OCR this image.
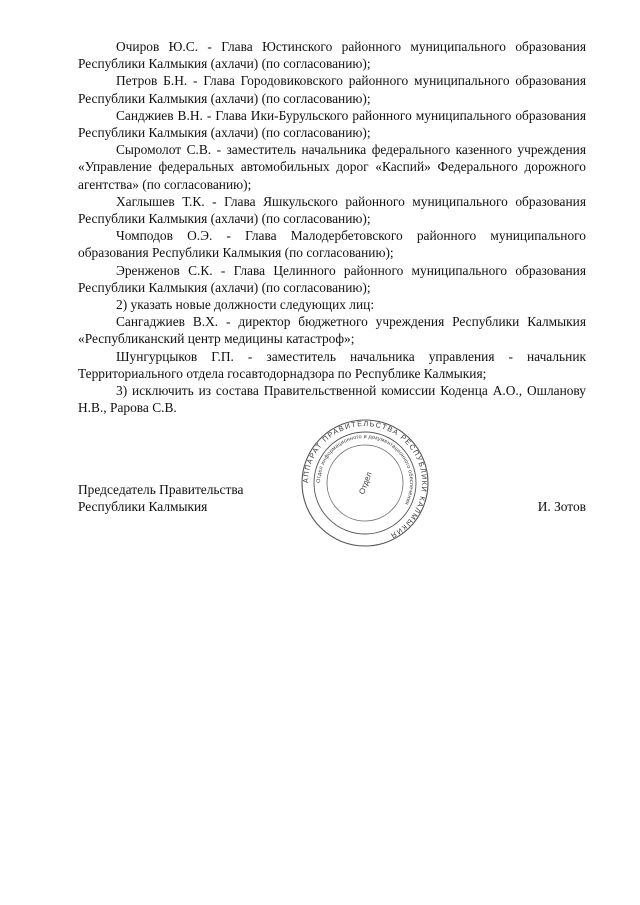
Очиров Ю.С. - Глава Юстинского районного муниципального образования Республики Калмыкия (ахлачи) (по согласованию);

Петров Б.Н. - Глава Городовиковского районного муниципального образования Республики Калмыкия (ахлачи) (по согласованию);

Санджиев В.Н. - Глава Ики-Бурульского районного муниципального образования Республики Калмыкия (ахлачи) (по согласованию);

Сыромолот С.В. - заместитель начальника федерального казенного учреждения «Управление федеральных автомобильных дорог «Каспий» Федерального дорожного агентства» (по согласованию);

Хаглышев Т.К. - Глава Яшкульского районного муниципального образования Республики Калмыкия (ахлачи) (по согласованию);

Чомподов О.Э. - Глава Малодербетовского районного муниципального образования Республики Калмыкия (по согласованию);

Эренженов С.К. - Глава Целинного районного муниципального образования Республики Калмыкия (ахлачи) (по согласованию);

2) указать новые должности следующих лиц:

Сангаджиев В.Х. - директор бюджетного учреждения Республики Калмыкия «Республиканский центр медицины катастроф»;

Шунгурцыков Г.П. - заместитель начальника управления - начальник Территориального отдела госавтодорнадзора по Республике Калмыкия;

3) исключить из состава Правительственной комиссии Коденца А.О., Ошланову Н.В., Рарова С.В.

АППАРАТ ПРАВИТЕЛЬСТВА РЕСПУБЛИКИ КАЛМЫКИЯ
Отдел информационного и документационного обеспечения
Отдел
Председатель Правительства
Республики Калмыкия	И. Зотов
